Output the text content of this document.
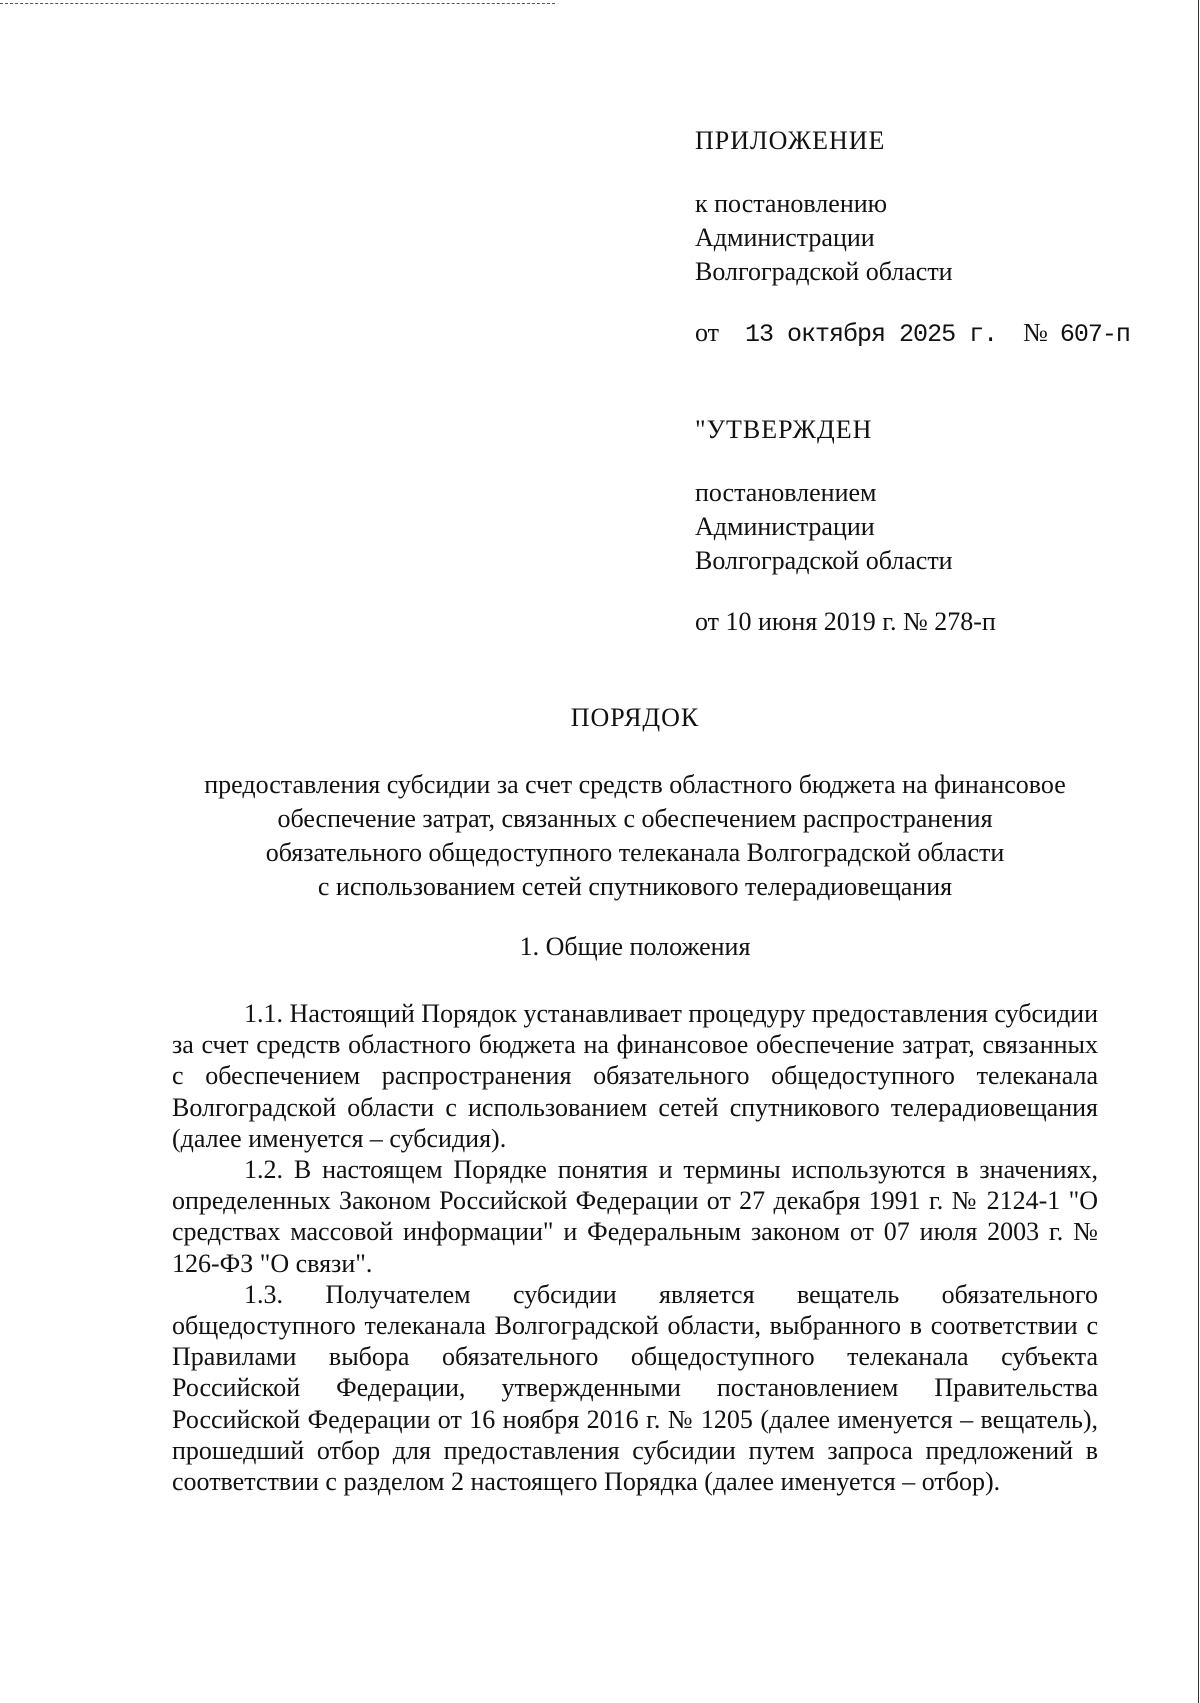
ПРИЛОЖЕНИЕ
к постановлению
Администрации
Волгоградской области
от 13 октября 2025 г. № 607-п
"УТВЕРЖДЕН
постановлением
Администрации
Волгоградской области
от 10 июня 2019 г. № 278-п
ПОРЯДОК
предоставления субсидии за счет средств областного бюджета на финансовое
обеспечение затрат, связанных с обеспечением распространения
обязательного общедоступного телеканала Волгоградской области
с использованием сетей спутникового телерадиовещания
1. Общие положения

1.1. Настоящий Порядок устанавливает процедуру предоставления субсидии за счет средств областного бюджета на финансовое обеспечение затрат, связанных с обеспечением распространения обязательного общедоступного телеканала Волгоградской области с использованием сетей спутникового телерадиовещания (далее именуется – субсидия).

1.2. В настоящем Порядке понятия и термины используются в значениях, определенных Законом Российской Федерации от 27 декабря 1991 г. № 2124-1 "О средствах массовой информации" и Федеральным законом от 07 июля 2003 г. № 126-ФЗ "О связи".

1.3. Получателем субсидии является вещатель обязательного общедоступного телеканала Волгоградской области, выбранного в соответствии с Правилами выбора обязательного общедоступного телеканала субъекта Российской Федерации, утвержденными постановлением Правительства Российской Федерации от 16 ноября 2016 г. № 1205 (далее именуется – вещатель), прошедший отбор для предоставления субсидии путем запроса предложений в соответствии с разделом 2 настоящего Порядка (далее именуется – отбор).
